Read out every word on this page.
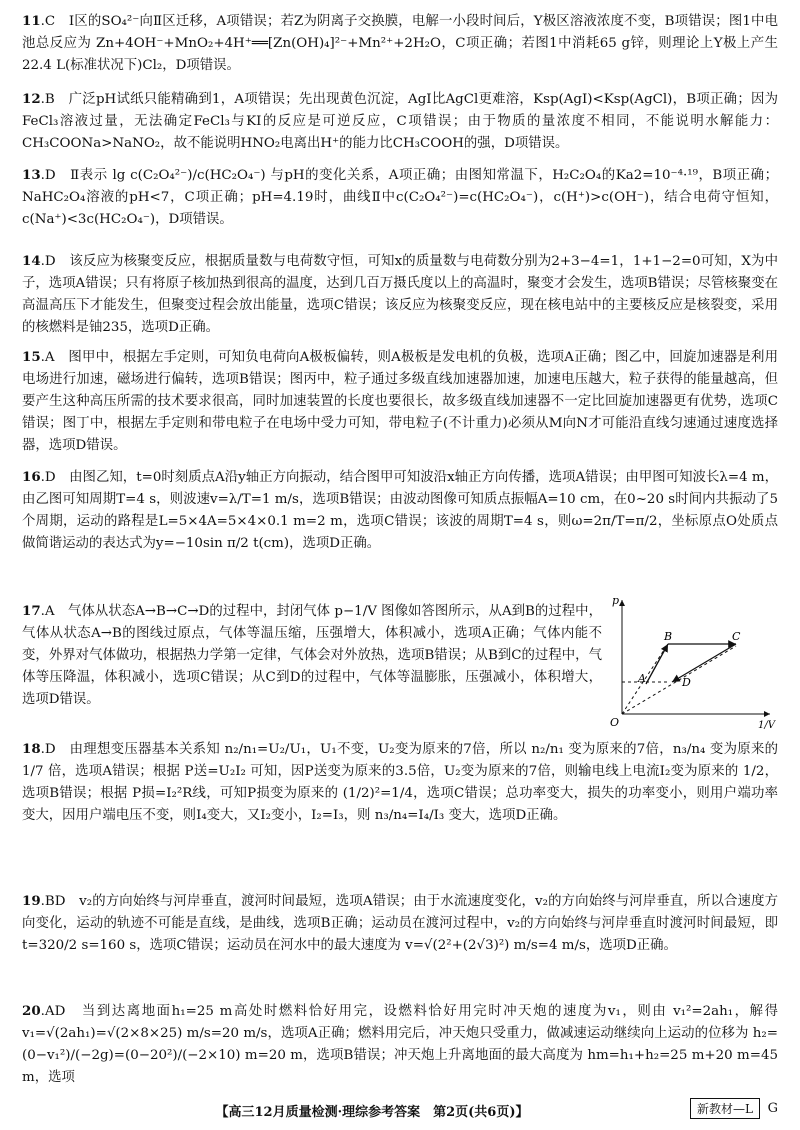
11.C　 Ⅰ区的SO₄²⁻向Ⅱ区迁移，A项错误；若Z为阴离子交换膜，电解一小段时间后，Y极区溶液浓度不变，B项错误；图1中电池总反应为 Zn+4OH⁻+MnO₂+4H⁺══[Zn(OH)₄]²⁻+Mn²⁺+2H₂O，C项正确；若图1中消耗65 g锌，则理论上Y极上产生22.4 L(标准状况下)Cl₂，D项错误。

12.B　 广泛pH试纸只能精确到1，A项错误；先出现黄色沉淀，AgI比AgCl更难溶，Ksp(AgI)<Ksp(AgCl)，B项正确；因为FeCl₃溶液过量，无法确定FeCl₃与KI的反应是可逆反应，C项错误；由于物质的量浓度不相同，不能说明水解能力：CH₃COONa>NaNO₂，故不能说明HNO₂电离出H⁺的能力比CH₃COOH的强，D项错误。

13.D　 Ⅱ表示 lg c(C₂O₄²⁻)/c(HC₂O₄⁻) 与pH的变化关系，A项正确；由图知常温下，H₂C₂O₄的Ka2=10⁻⁴·¹⁹，B项正确；NaHC₂O₄溶液的pH<7，C项正确；pH=4.19时，曲线Ⅱ中c(C₂O₄²⁻)=c(HC₂O₄⁻)，c(H⁺)>c(OH⁻)，结合电荷守恒知，c(Na⁺)<3c(HC₂O₄⁻)，D项错误。

14.D　 该反应为核聚变反应，根据质量数与电荷数守恒，可知x的质量数与电荷数分别为2+3−4=1，1+1−2=0可知，X为中子，选项A错误；只有将原子核加热到很高的温度，达到几百万摄氏度以上的高温时，聚变才会发生，选项B错误；尽管核聚变在高温高压下才能发生，但聚变过程会放出能量，选项C错误；该反应为核聚变反应，现在核电站中的主要核反应是核裂变，采用的核燃料是铀235，选项D正确。

15.A　 图甲中，根据左手定则，可知负电荷向A极板偏转，则A极板是发电机的负极，选项A正确；图乙中，回旋加速器是利用电场进行加速，磁场进行偏转，选项B错误；图丙中，粒子通过多级直线加速器加速，加速电压越大，粒子获得的能量越高，但要产生这种高压所需的技术要求很高，同时加速装置的长度也要很长，故多级直线加速器不一定比回旋加速器更有优势，选项C错误；图丁中，根据左手定则和带电粒子在电场中受力可知，带电粒子(不计重力)必须从M向N才可能沿直线匀速通过速度选择器，选项D错误。

16.D　 由图乙知，t=0时刻质点A沿y轴正方向振动，结合图甲可知波沿x轴正方向传播，选项A错误；由甲图可知波长λ=4 m，由乙图可知周期T=4 s，则波速v=λ/T=1 m/s，选项B错误；由波动图像可知质点振幅A=10 cm，在0~20 s时间内共振动了5个周期，运动的路程是L=5×4A=5×4×0.1 m=2 m，选项C错误；该波的周期T=4 s，则ω=2π/T=π/2，坐标原点O处质点做简谐运动的表达式为y=−10sin π/2 t(cm)，选项D正确。

17.A　 气体从状态A→B→C→D的过程中，封闭气体 p−1/V 图像如答图所示，从A到B的过程中，气体从状态A→B的图线过原点，气体等温压缩，压强增大，体积减小，选项A正确；气体内能不变，外界对气体做功，根据热力学第一定律，气体会对外放热，选项B错误；从B到C的过程中，气体等压降温，体积减小，选项C错误；从C到D的过程中，气体等温膨胀，压强减小，体积增大，选项D错误。

p
1/V
O
A
B	C
D

18.D　 由理想变压器基本关系知 n₂/n₁=U₂/U₁，U₁不变，U₂变为原来的7倍，所以 n₂/n₁ 变为原来的7倍，n₃/n₄ 变为原来的 1/7 倍，选项A错误；根据 P送=U₂I₂ 可知，因P送变为原来的3.5倍，U₂变为原来的7倍，则输电线上电流I₂变为原来的 1/2，选项B错误；根据 P损=I₂²R线，可知P损变为原来的 (1/2)²=1/4，选项C错误；总功率变大，损失的功率变小，则用户端功率变大，因用户端电压不变，则I₄变大，又I₂变小，I₂=I₃，则 n₃/n₄=I₄/I₃ 变大，选项D正确。

19.BD　 v₂的方向始终与河岸垂直，渡河时间最短，选项A错误；由于水流速度变化，v₂的方向始终与河岸垂直，所以合速度方向变化，运动的轨迹不可能是直线，是曲线，选项B正确；运动员在渡河过程中，v₂的方向始终与河岸垂直时渡河时间最短，即 t=320/2 s=160 s，选项C错误；运动员在河水中的最大速度为 v=√(2²+(2√3)²) m/s=4 m/s，选项D正确。

20.AD　 当到达离地面h₁=25 m高处时燃料恰好用完，设燃料恰好用完时冲天炮的速度为v₁，则由 v₁²=2ah₁，解得 v₁=√(2ah₁)=√(2×8×25) m/s=20 m/s，选项A正确；燃料用完后，冲天炮只受重力，做减速运动继续向上运动的位移为 h₂=(0−v₁²)/(−2g)=(0−20²)/(−2×10) m=20 m，选项B错误；冲天炮上升离地面的最大高度为 hm=h₁+h₂=25 m+20 m=45 m，选项

【高三12月质量检测·理综参考答案　第2页(共6页)】	新教材—L	G
